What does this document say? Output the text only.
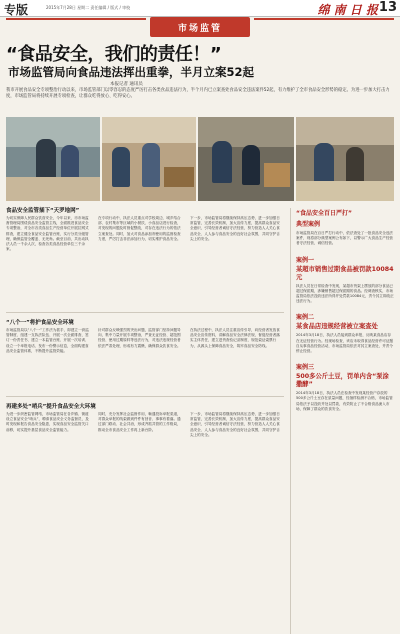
专版	2015年7月28日 星期二 责任编辑 / 版式 / 审校	绵 南 日 报 13
市场监管
“食品安全，我们的责任！”
市场监管局向食品违法挥出重拳，半月立案52起
本报记者 通讯员
我市开展食品安全专项整治行动以来，市场监管部门以零容忍的态度严厉打击各类食品违法行为，半个月内已立案查处食品安全违法案件52起，有力维护了全市食品安全形势的稳定。为进一步加大打击力度，市场监管局将持续开展专项检查，让群众吃得放心、吃得安心。
食品安全监管插下“天罗地网”
为切实保障人民群众饮食安全，今年以来，市市场监督管理局围绕食品安全监管主线，全面推进食品安全专项整治，对全市各类食品生产经营单位开展拉网式排查，建立健全食品安全监管台账，实行分类分级管理，确保监管全覆盖、无死角。截至目前，共出动执法人员一千余人次，检查各类食品经营单位三千余家。
在专项行动中，执法人员重点对学校周边、城乡结合部、农村集市等区域的小餐饮、小食品店进行检查，对发现的问题及时督促整改，对存在违法行为的依法立案查处。同时，加大对食品添加剂使用的监督检查力度，严厉打击非法添加行为，切实维护食品安全。
下一步，市场监管局将继续保持高压态势，进一步加强日常监管，完善长效机制，加大宣传力度，提高群众食品安全意识，引导经营者诚信守法经营，努力营造人人关心食品安全、人人参与食品安全的良好社会氛围，共同守护舌尖上的安全。
“八个一”将护食品安全环境
市场监管局以“八个一”工作法为抓手，即建立一套监管制度、组建一支执法队伍、开展一次全面排查、签订一份责任书、建立一本监管台账、开展一次培训、设立一个举报电话、发布一份警示信息，全面构建食品安全监管体系，不断提升监管效能。
针对群众反映强烈的突出问题，监管部门坚持问题导向，集中力量开展专项整治，严查无证经营、超范围经营、使用过期原料等违法行为，对违法违规经营者依法严肃处理，形成有力震慑，确保群众饮食安全。
在执法过程中，执法人员注重宣传引导，向经营者发放食品安全宣传资料，讲解食品安全法律法规，督促经营者落实主体责任，建立进货查验记录制度，规范索证索票行为，从源头上保障食品安全，筑牢食品安全防线。
再建多处“哨兵”提升食品安全大环境
为进一步织密监管网络，市场监管局在各乡镇、街道设立食品安全“哨兵”，聘请食品安全义务监督员，及时发现和报告食品安全隐患，实现食品安全监管关口前移，切实提升基层食品安全监管能力。
同时，充分发挥社会监督作用，畅通投诉举报渠道，对群众举报的线索做到件件有回音、事事有着落。通过部门联动、社会共治，形成齐抓共管的工作格局，推动全市食品安全工作再上新台阶。
下一步，市场监管局将继续保持高压态势，进一步加强日常监管，完善长效机制，加大宣传力度，提高群众食品安全意识，引导经营者诚信守法经营，努力营造人人关心食品安全、人人参与食品安全的良好社会氛围，共同守护舌尖上的安全。
“食品安全百日严打”
典型案例
市场监管局在百日严打行动中，依法查处了一批食品安全违法案件，现将部分典型案例公布如下，以警示广大食品生产经营者守法经营，诚信经营。
案例一
某超市销售过期食品被罚款10084元
执法人员在日常检查中发现，某超市货架上摆放的部分食品已超过保质期，涉嫌销售超过保质期的食品。经调查核实，市场监管局依法没收违法所得并处罚款10084元，责令其立即改正违法行为。
案例二
某食品店违规经营被立案查处
2014年3月18日，执法人员接到群众举报，反映某食品店存在无证经营行为。经现场检查，该店未取得食品经营许可证擅自从事食品经营活动，市场监管局依法对其立案查处，并责令停止经营。
案例三
500多公斤土豆，罚单内含“泵涂撒酵”
2014年3月18日，执法人员在检查中发现某经营户存放的500多公斤土豆存在质量问题，经抽样检测不合格，市场监管局依法予以没收并处以罚款，有效防止了不合格食品流入市场，保障了群众的饮食安全。
